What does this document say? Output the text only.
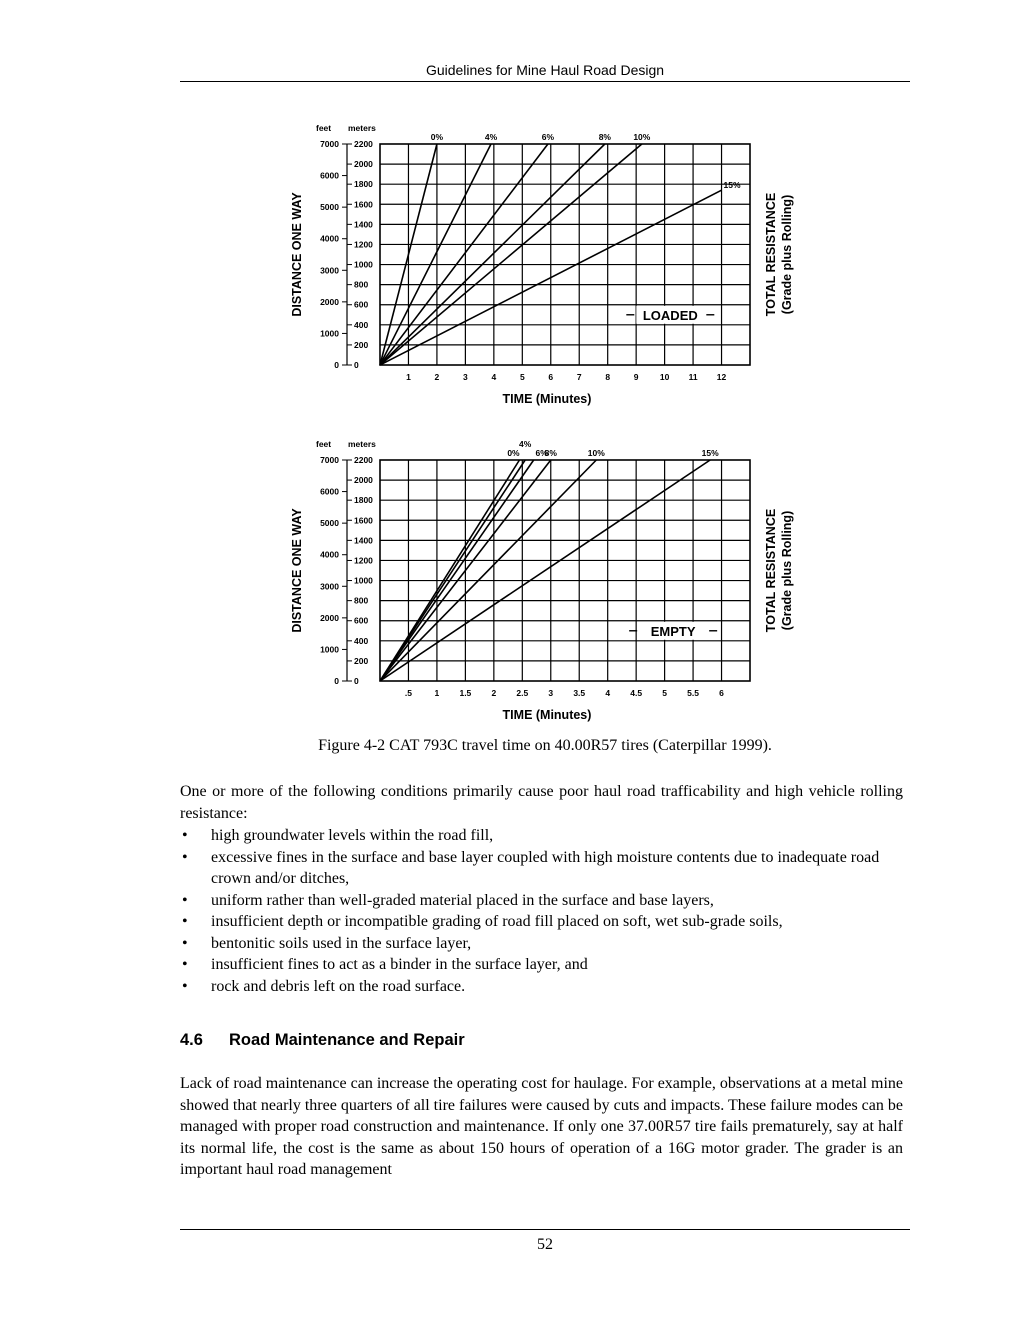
Guidelines for Mine Haul Road Design
1	2	3	4	5	6	7	8	9	10 11 12
2200
2000
1800
1600
1400
1200
1000
800
600
400
200
0
7000
6000
5000
4000
3000
2000
1000
0
feet meters
DISTANCE ONE WAY	TOTAL RESISTANCE (Grade plus Rolling)
TIME (Minutes)
0%	4%	6%	8%	10%
15%
LOADED
.5	1 1.5 2 2.5 3 3.5 4 4.5 5 5.5 6
2200
2000
1800
1600
1400
1200
1000
800
600
400
200
0
7000
6000
5000
4000
3000
2000
1000
0
feet meters
DISTANCE ONE WAY	TOTAL RESISTANCE (Grade plus Rolling)
TIME (Minutes)
0%
4%
6%
8%	10%	15%
EMPTY
Figure 4-2 CAT 793C travel time on 40.00R57 tires (Caterpillar 1999).
One or more of the following conditions primarily cause poor haul road trafficability and high vehicle rolling resistance:
• high groundwater levels within the road fill,
• excessive fines in the surface and base layer coupled with high moisture contents due to inadequate road crown and/or ditches,
• uniform rather than well-graded material placed in the surface and base layers,
• insufficient depth or incompatible grading of road fill placed on soft, wet sub-grade soils,
• bentonitic soils used in the surface layer,
• insufficient fines to act as a binder in the surface layer, and
• rock and debris left on the road surface.
4.6 Road Maintenance and Repair
Lack of road maintenance can increase the operating cost for haulage. For example, observations at a metal mine showed that nearly three quarters of all tire failures were caused by cuts and impacts. These failure modes can be managed with proper road construction and maintenance. If only one 37.00R57 tire fails prematurely, say at half its normal life, the cost is the same as about 150 hours of operation of a 16G motor grader. The grader is an important haul road management
52
